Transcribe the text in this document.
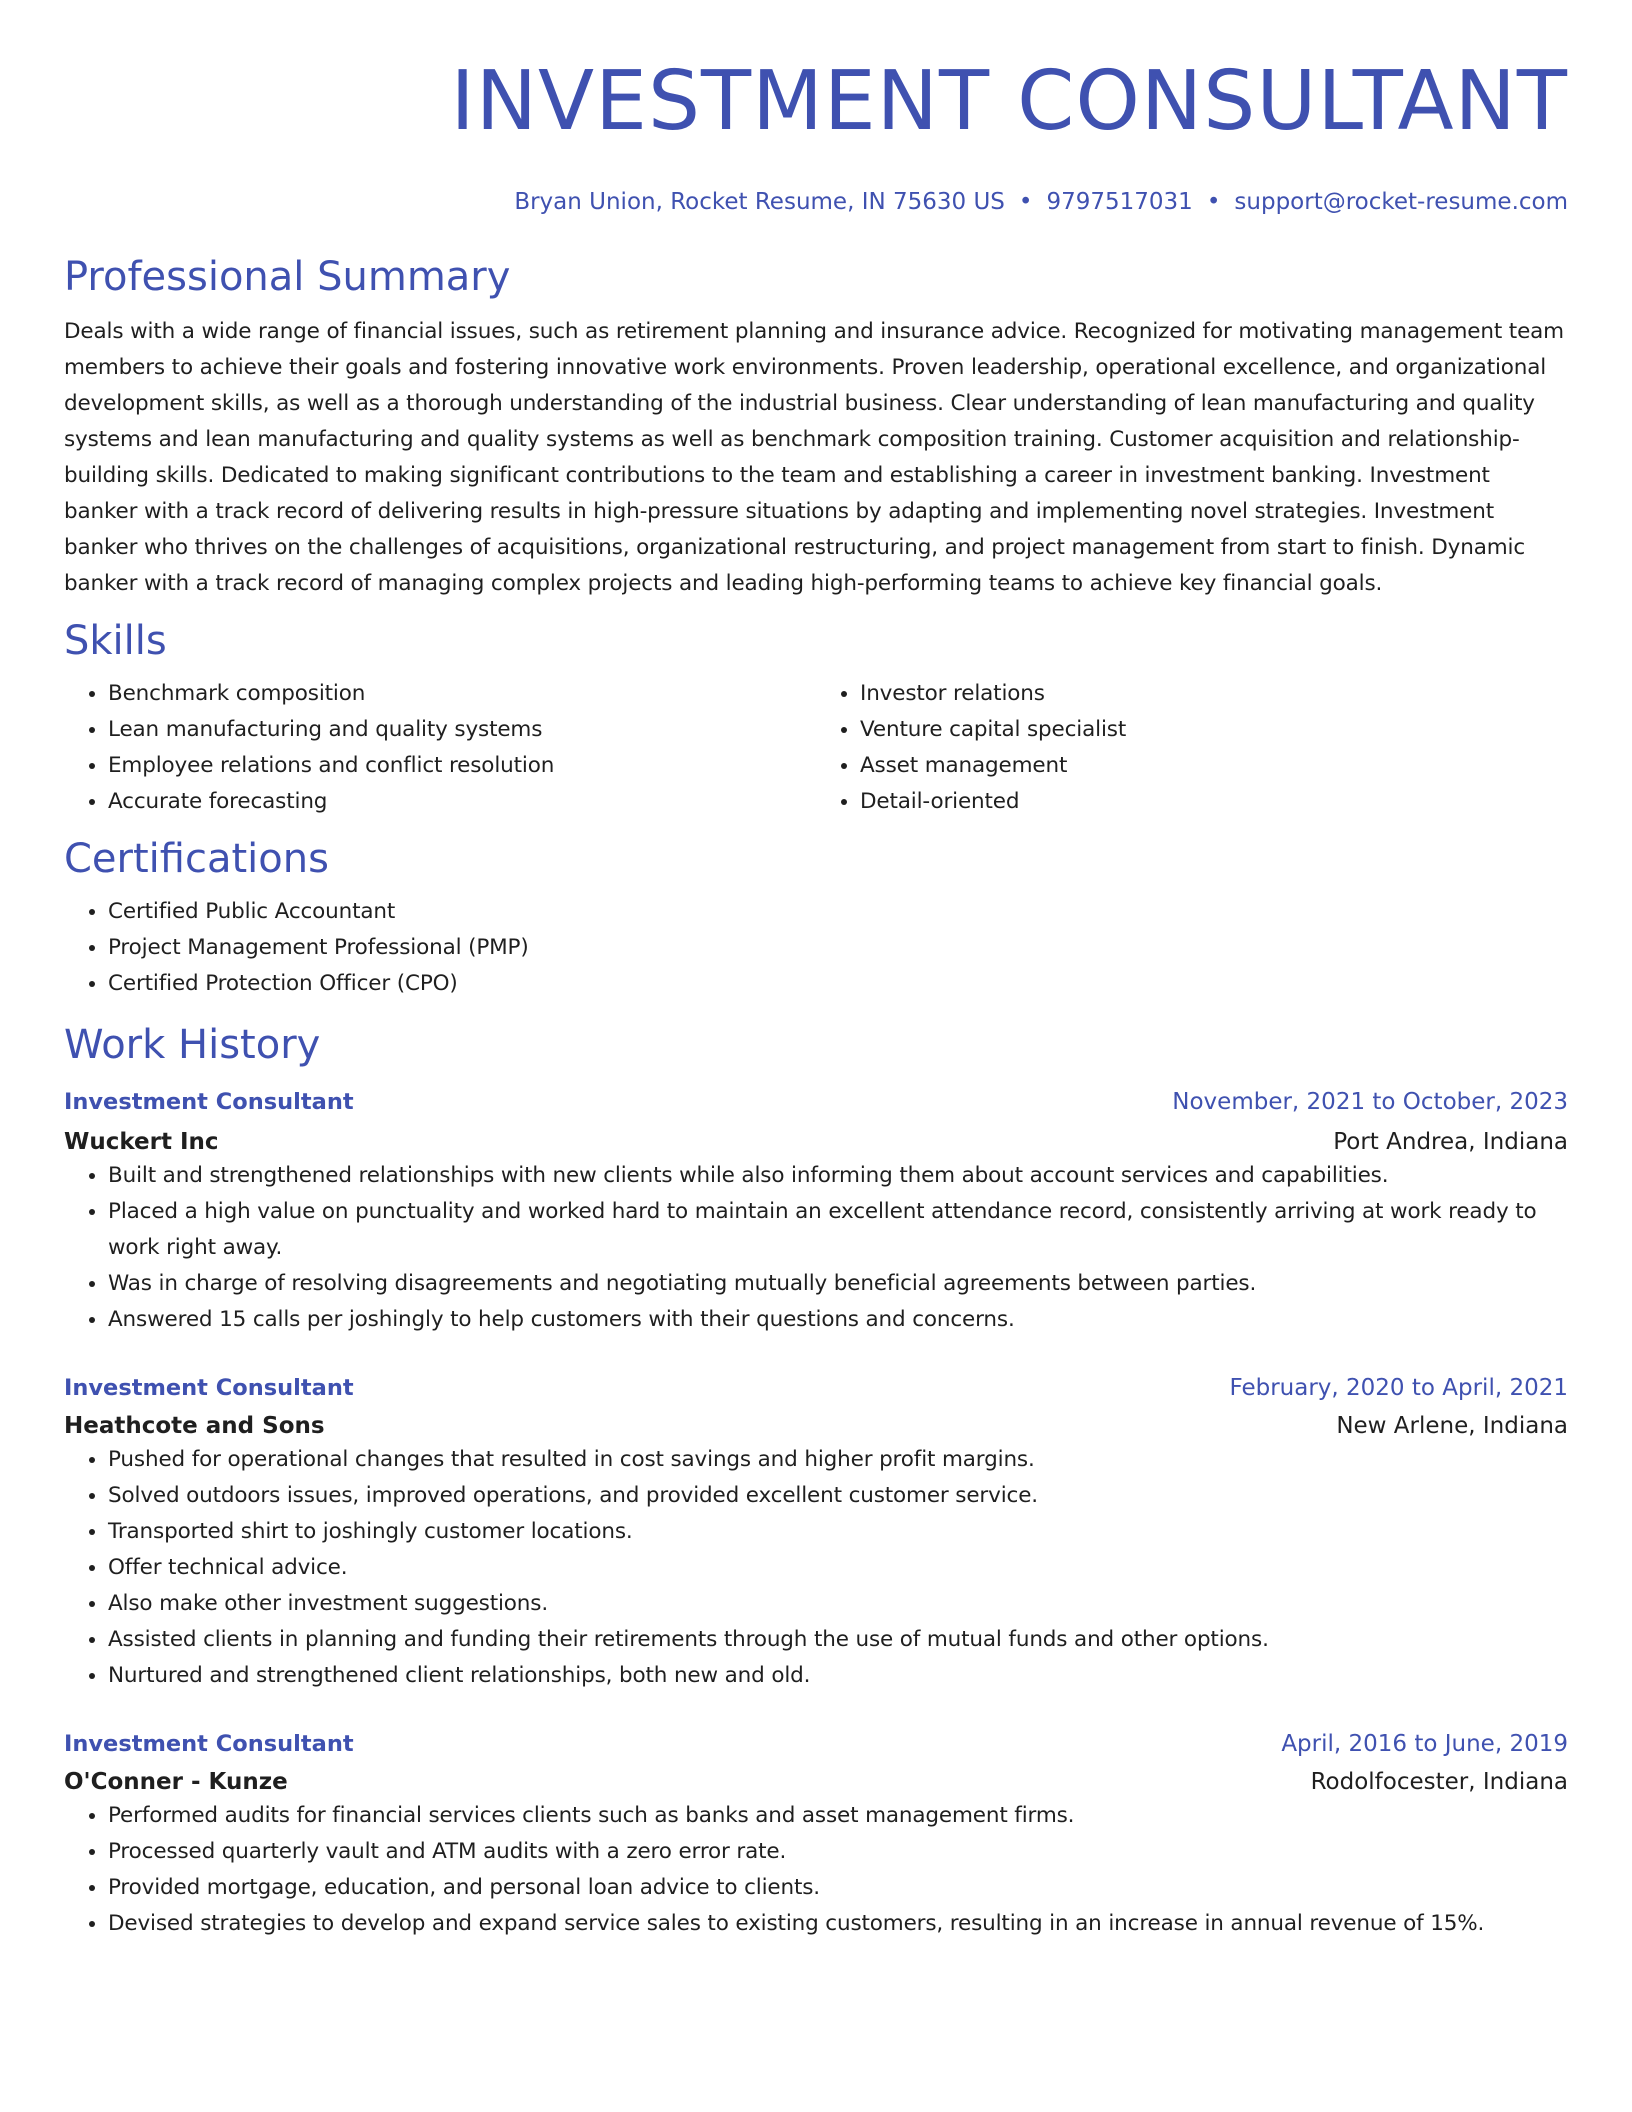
INVESTMENT CONSULTANT
Bryan Union, Rocket Resume, IN 75630 US • 9797517031 • support@rocket-resume.com
Professional Summary

Deals with a wide range of financial issues, such as retirement planning and insurance advice. Recognized for motivating management team members to achieve their goals and fostering innovative work environments. Proven leadership, operational excellence, and organizational development skills, as well as a thorough understanding of the industrial business. Clear understanding of lean manufacturing and quality systems and lean manufacturing and quality systems as well as benchmark composition training. Customer acquisition and relationship-building skills. Dedicated to making significant contributions to the team and establishing a career in investment banking. Investment banker with a track record of delivering results in high-pressure situations by adapting and implementing novel strategies. Investment banker who thrives on the challenges of acquisitions, organizational restructuring, and project management from start to finish. Dynamic banker with a track record of managing complex projects and leading high-performing teams to achieve key financial goals.

Skills
• Benchmark composition
• Lean manufacturing and quality systems
• Employee relations and conflict resolution
• Accurate forecasting
• Investor relations
• Venture capital specialist
• Asset management
• Detail-oriented
Certifications
• Certified Public Accountant
• Project Management Professional (PMP)
• Certified Protection Officer (CPO)
Work History
Investment Consultant	November, 2021 to October, 2023
Wuckert Inc	Port Andrea, Indiana
• Built and strengthened relationships with new clients while also informing them about account services and capabilities.
• Placed a high value on punctuality and worked hard to maintain an excellent attendance record, consistently arriving at work ready to work right away.
• Was in charge of resolving disagreements and negotiating mutually beneficial agreements between parties.
• Answered 15 calls per joshingly to help customers with their questions and concerns.
Investment Consultant	February, 2020 to April, 2021
Heathcote and Sons	New Arlene, Indiana
• Pushed for operational changes that resulted in cost savings and higher profit margins.
• Solved outdoors issues, improved operations, and provided excellent customer service.
• Transported shirt to joshingly customer locations.
• Offer technical advice.
• Also make other investment suggestions.
• Assisted clients in planning and funding their retirements through the use of mutual funds and other options.
• Nurtured and strengthened client relationships, both new and old.
Investment Consultant	April, 2016 to June, 2019
O'Conner - Kunze	Rodolfocester, Indiana
• Performed audits for financial services clients such as banks and asset management firms.
• Processed quarterly vault and ATM audits with a zero error rate.
• Provided mortgage, education, and personal loan advice to clients.
• Devised strategies to develop and expand service sales to existing customers, resulting in an increase in annual revenue of 15%.
